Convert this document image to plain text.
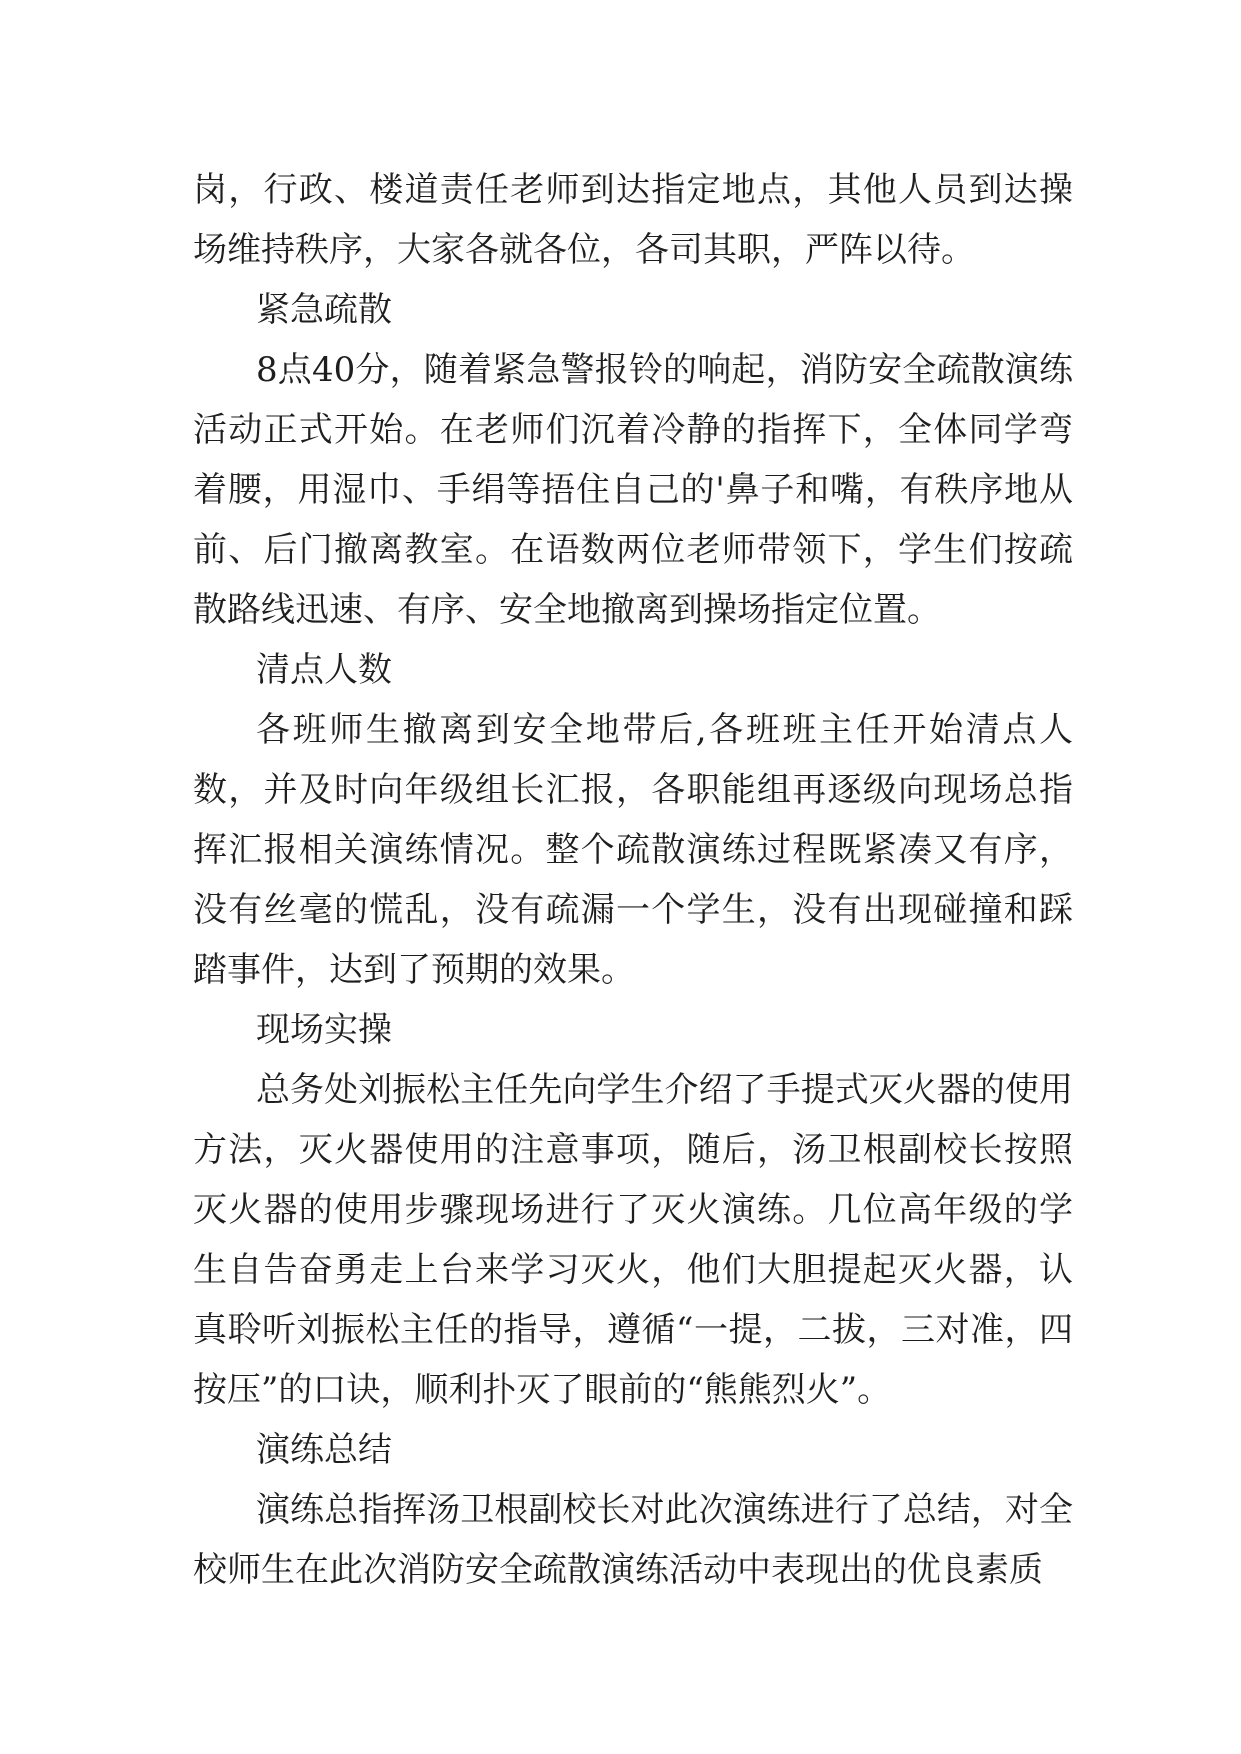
岗，行政、楼道责任老师到达指定地点，其他人员到达操场维持秩序，大家各就各位，各司其职，严阵以待。

紧急疏散

8点40分，随着紧急警报铃的响起，消防安全疏散演练活动正式开始。在老师们沉着冷静的指挥下，全体同学弯着腰，用湿巾、手绢等捂住自己的'鼻子和嘴，有秩序地从前、后门撤离教室。在语数两位老师带领下，学生们按疏散路线迅速、有序、安全地撤离到操场指定位置。

清点人数

各班师生撤离到安全地带后,各班班主任开始清点人数，并及时向年级组长汇报，各职能组再逐级向现场总指挥汇报相关演练情况。整个疏散演练过程既紧凑又有序，没有丝毫的慌乱，没有疏漏一个学生，没有出现碰撞和踩踏事件，达到了预期的效果。

现场实操

总务处刘振松主任先向学生介绍了手提式灭火器的使用方法，灭火器使用的注意事项，随后，汤卫根副校长按照灭火器的使用步骤现场进行了灭火演练。几位高年级的学生自告奋勇走上台来学习灭火，他们大胆提起灭火器，认真聆听刘振松主任的指导，遵循“一提，二拔，三对准，四按压”的口诀，顺利扑灭了眼前的“熊熊烈火”。

演练总结

演练总指挥汤卫根副校长对此次演练进行了总结，对全校师生在此次消防安全疏散演练活动中表现出的优良素质
